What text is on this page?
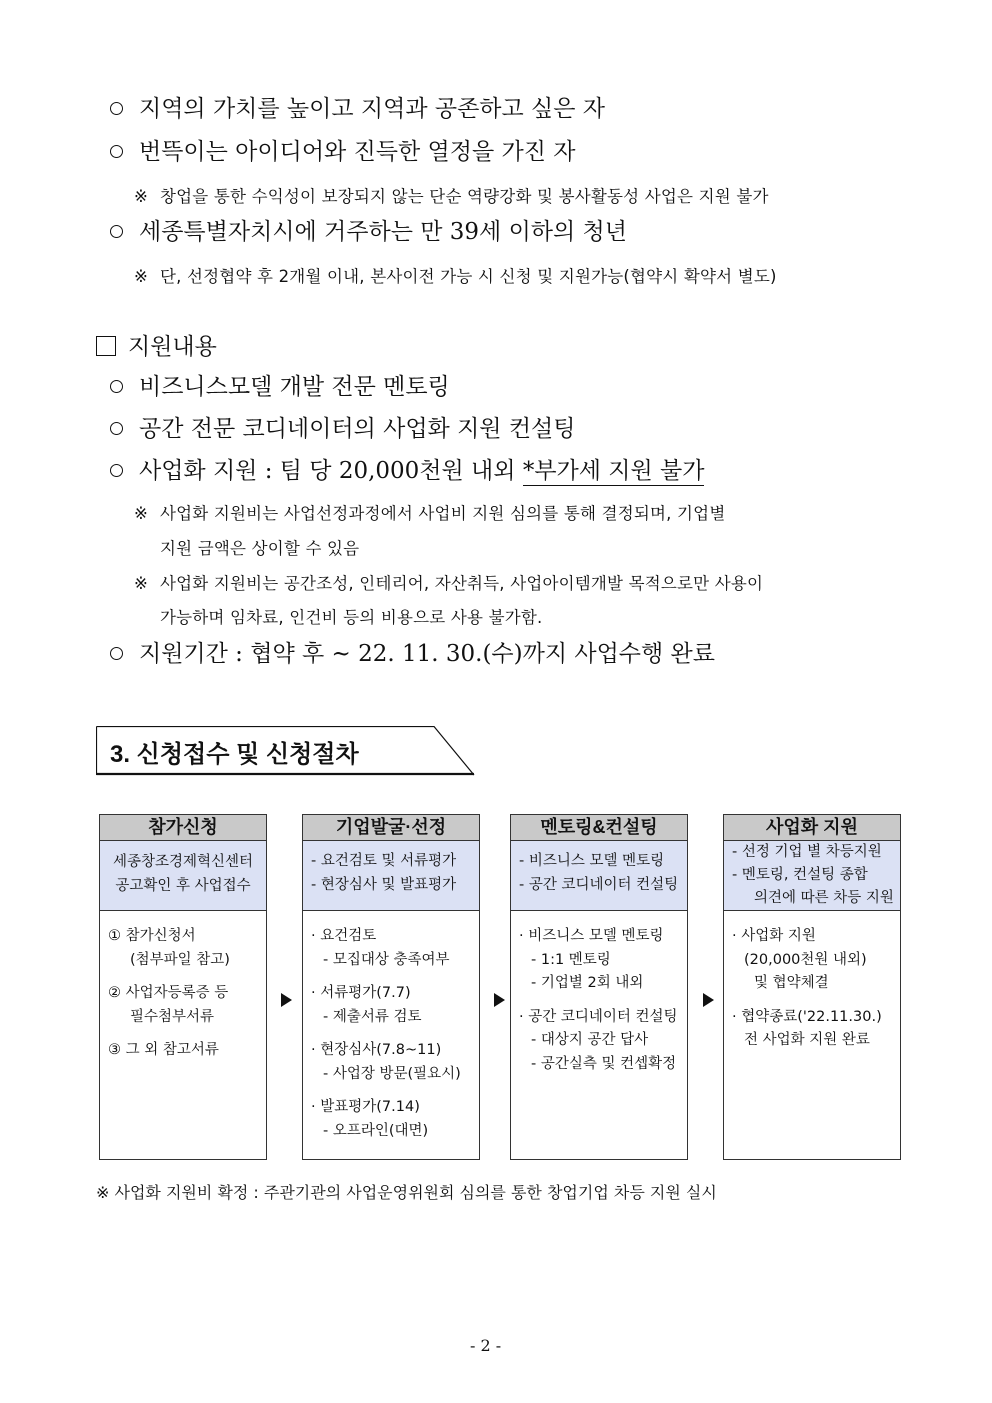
지역의 가치를 높이고 지역과 공존하고 싶은 자
번뜩이는 아이디어와 진득한 열정을 가진 자
※ 창업을 통한 수익성이 보장되지 않는 단순 역량강화 및 봉사활동성 사업은 지원 불가
세종특별자치시에 거주하는 만 39세 이하의 청년
※ 단, 선정협약 후 2개월 이내, 본사이전 가능 시 신청 및 지원가능(협약시 확약서 별도)
지원내용
비즈니스모델 개발 전문 멘토링
공간 전문 코디네이터의 사업화 지원 컨설팅
사업화 지원 : 팀 당 20,000천원 내외 *부가세 지원 불가
※ 사업화 지원비는 사업선정과정에서 사업비 지원 심의를 통해 결정되며, 기업별
지원 금액은 상이할 수 있음
※ 사업화 지원비는 공간조성, 인테리어, 자산취득, 사업아이템개발 목적으로만 사용이
가능하며 임차료, 인건비 등의 비용으로 사용 불가함.
지원기간 : 협약 후 ~ 22. 11. 30.(수)까지 사업수행 완료
3. 신청접수 및 신청절차
참가신청
세종창조경제혁신센터
공고확인 후 사업접수
① 참가신청서
(첨부파일 참고)
② 사업자등록증 등
필수첨부서류
③ 그 외 참고서류
기업발굴·선정
- 요건검토 및 서류평가
- 현장심사 및 발표평가
· 요건검토
- 모집대상 충족여부
· 서류평가(7.7)
- 제출서류 검토
· 현장심사(7.8~11)
- 사업장 방문(필요시)
· 발표평가(7.14)
- 오프라인(대면)
멘토링&컨설팅
- 비즈니스 모델 멘토링
- 공간 코디네이터 컨설팅
· 비즈니스 모델 멘토링
- 1:1 멘토링
- 기업별 2회 내외
· 공간 코디네이터 컨설팅
- 대상지 공간 답사
- 공간실측 및 컨셉확정
사업화 지원
- 선정 기업 별 차등지원
- 멘토링, 컨설팅 종합
의견에 따른 차등 지원
· 사업화 지원
(20,000천원 내외)
및 협약체결
· 협약종료('22.11.30.)
전 사업화 지원 완료
※ 사업화 지원비 확정 : 주관기관의 사업운영위원회 심의를 통한 창업기업 차등 지원 실시
- 2 -
